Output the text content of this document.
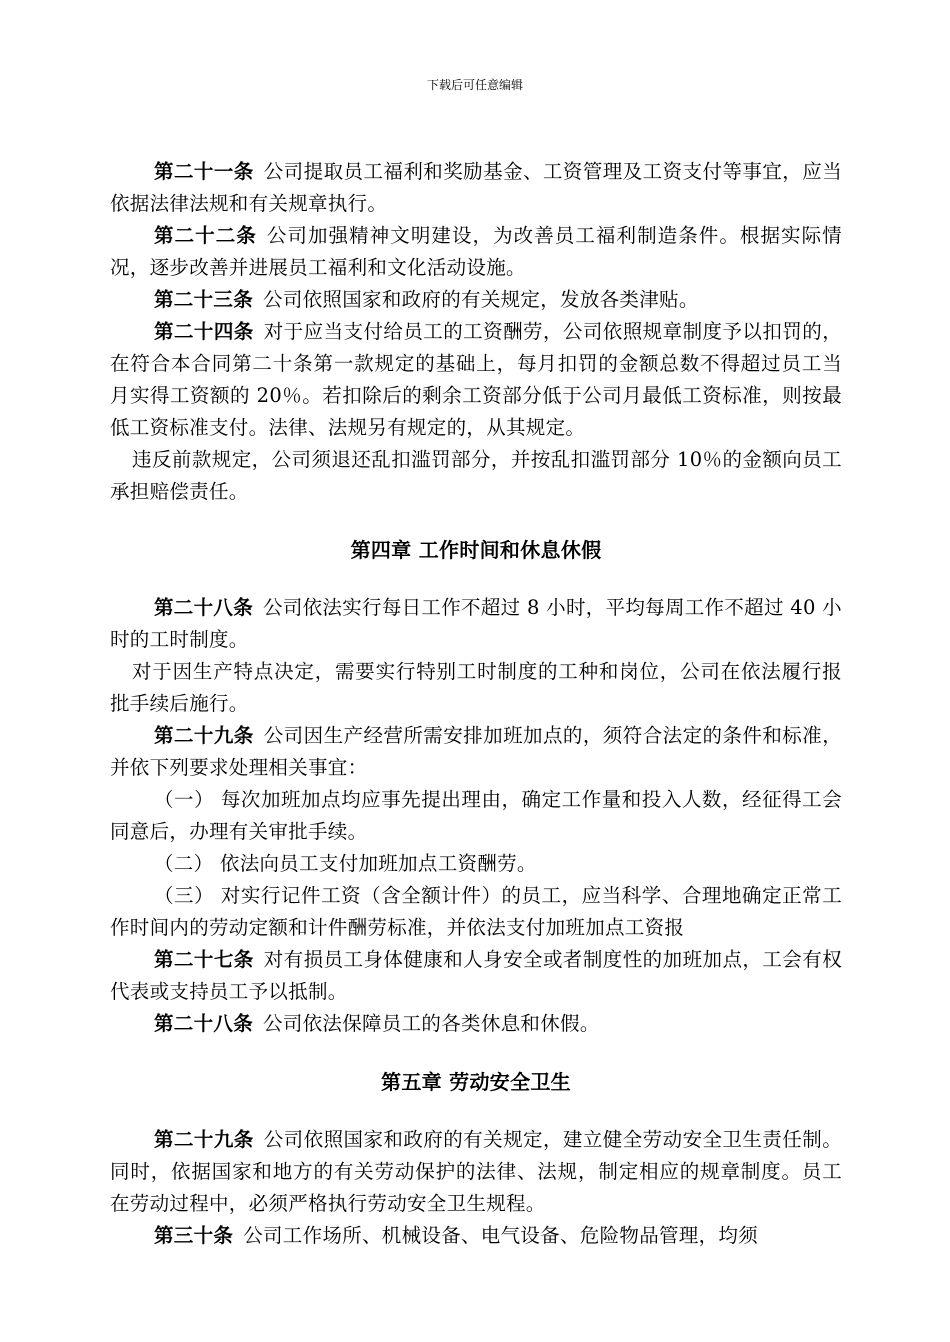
下载后可任意编辑

第二十一条 公司提取员工福利和奖励基金、工资管理及工资支付等事宜，应当依据法律法规和有关规章执行。

第二十二条 公司加强精神文明建设，为改善员工福利制造条件。根据实际情况，逐步改善并进展员工福利和文化活动设施。

第二十三条 公司依照国家和政府的有关规定，发放各类津贴。

第二十四条 对于应当支付给员工的工资酬劳，公司依照规章制度予以扣罚的，在符合本合同第二十条第一款规定的基础上，每月扣罚的金额总数不得超过员工当月实得工资额的 20％。若扣除后的剩余工资部分低于公司月最低工资标准，则按最低工资标准支付。法律、法规另有规定的，从其规定。

违反前款规定，公司须退还乱扣滥罚部分，并按乱扣滥罚部分 10％的金额向员工承担赔偿责任。

第四章 工作时间和休息休假

第二十八条 公司依法实行每日工作不超过 8 小时，平均每周工作不超过 40 小时的工时制度。

对于因生产特点决定，需要实行特别工时制度的工种和岗位，公司在依法履行报批手续后施行。

第二十九条 公司因生产经营所需安排加班加点的，须符合法定的条件和标准，并依下列要求处理相关事宜：

（一） 每次加班加点均应事先提出理由，确定工作量和投入人数，经征得工会同意后，办理有关审批手续。

（二） 依法向员工支付加班加点工资酬劳。

（三） 对实行记件工资（含全额计件）的员工，应当科学、合理地确定正常工作时间内的劳动定额和计件酬劳标准，并依法支付加班加点工资报

第二十七条 对有损员工身体健康和人身安全或者制度性的加班加点，工会有权代表或支持员工予以抵制。

第二十八条 公司依法保障员工的各类休息和休假。

第五章 劳动安全卫生

第二十九条 公司依照国家和政府的有关规定，建立健全劳动安全卫生责任制。同时，依据国家和地方的有关劳动保护的法律、法规，制定相应的规章制度。员工在劳动过程中，必须严格执行劳动安全卫生规程。

第三十条 公司工作场所、机械设备、电气设备、危险物品管理，均须
